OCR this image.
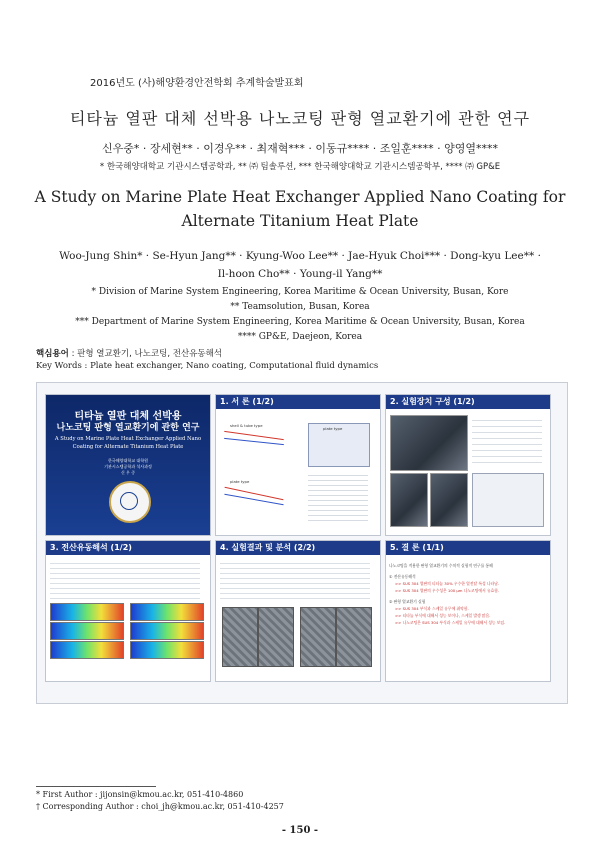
2016년도 (사)해양환경안전학회 추계학술발표회
티타늄 열판 대체 선박용 나노코팅 판형 열교환기에 관한 연구
신우중* · 장세현** · 이경우** · 최재혁*** · 이동규**** · 조일훈**** · 양영열****
* 한국해양대학교 기관시스템공학과, ** ㈜ 팀솔루션, *** 한국해양대학교 기관시스템공학부, **** ㈜ GP&E
A Study on Marine Plate Heat Exchanger Applied Nano Coating for
Alternate Titanium Heat Plate
Woo-Jung Shin* · Se-Hyun Jang** · Kyung-Woo Lee** · Jae-Hyuk Choi*** · Dong-kyu Lee** ·
Il-hoon Cho** · Young-il Yang**
* Division of Marine System Engineering, Korea Maritime & Ocean University, Busan, Kore
** Teamsolution, Busan, Korea
*** Department of Marine System Engineering, Korea Maritime & Ocean University, Busan, Korea
**** GP&E, Daejeon, Korea
핵심용어 : 판형 열교환기, 나노코팅, 전산유동해석
Key Words : Plate heat exchanger, Nano coating, Computational fluid dynamics
티타늄 열판 대체 선박용
나노코팅 판형 열교환기에 관한 연구
A Study on Marine Plate Heat Exchanger Applied Nano
Coating for Alternate Titanium Heat Plate
한국해양대학교 대학원
기관시스템공학과 석사과정
신 우 중
1. 서 론 (1/2)
shell & tube type
plate type
plate type
2. 실험장치 구성 (1/2)
3. 전산유동해석 (1/2)	4. 실험결과 및 분석 (2/2)	5. 결 론 (1/1)
나노코팅을 적용한 판형 열교환기의 수치적 실험적 연구를 통해
① 전산유동해석
>> SUS 304 열판의 티타늄 30% 우수한 열전달 특성 나타남.
>> SUS 304 열판의 우수성은 100 μm 나노코팅에서 유효함.
② 판형 열교환기 실험
>> SUS 304 부식과 스케일 유무에 취약함.
>> 티타늄 부식에 대해서 성능 보이나, 스케일 발생 많음.
>> 나노코팅은 SUS 304 부식과 스케일 유무에 대해서 성능 보임.
* First Author : jijonsin@kmou.ac.kr, 051-410-4860
† Corresponding Author : choi_jh@kmou.ac.kr, 051-410-4257
- 150 -
